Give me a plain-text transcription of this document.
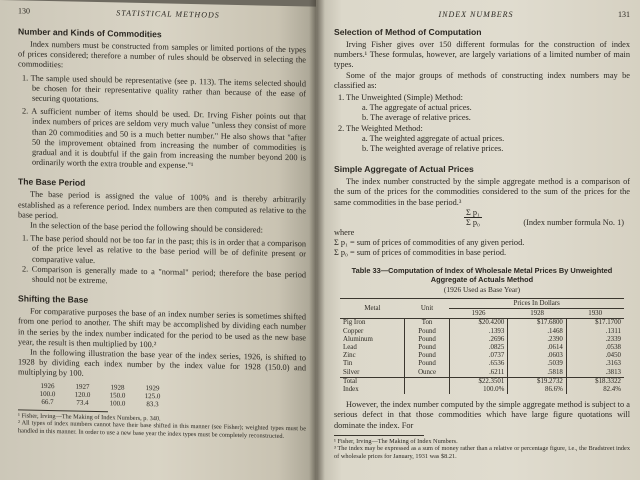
130	STATISTICAL METHODS
Number and Kinds of Commodities

Index numbers must be constructed from samples or limited portions of the types of prices considered; therefore a number of rules should be observed in selecting the commodities:

1. The sample used should be representative (see p. 113). The items selected should be chosen for their representative quality rather than because of the ease of securing quotations.

2. A sufficient number of items should be used. Dr. Irving Fisher points out that index numbers of prices are seldom very much value "unless they consist of more than 20 commodities and 50 is a much better number." He also shows that "after 50 the improvement obtained from increasing the number of commodities is gradual and it is doubtful if the gain from increasing the number beyond 200 is ordinarily worth the extra trouble and expense."¹

The Base Period

The base period is assigned the value of 100% and is thereby arbitrarily established as a reference period. Index numbers are then computed as relative to the base period.

In the selection of the base period the following should be considered:

1. The base period should not be too far in the past; this is in order that a comparison of the price level as relative to the base period will be of definite present or comparative value.

2. Comparison is generally made to a "normal" period; therefore the base period should not be extreme.

Shifting the Base

For comparative purposes the base of an index number series is sometimes shifted from one period to another. The shift may be accomplished by dividing each number in the series by the index number indicated for the period to be used as the new base year, the result is then multiplied by 100.²

In the following illustration the base year of the index series, 1926, is shifted to 1928 by dividing each index number by the index value for 1928 (150.0) and multiplying by 100.

1926	1927	1928	1929
100.0	120.0	150.0	125.0
66.7	73.4	100.0	83.3

¹ Fisher, Irving—The Making of Index Numbers, p. 340.

² All types of index numbers cannot have their base shifted in this manner (see Fisher); weighted types must be handled in this manner. In order to use a new base year the index types must be completely reconstructed.

INDEX NUMBERS	131
Selection of Method of Computation

Irving Fisher gives over 150 different formulas for the construction of index numbers.¹ These formulas, however, are largely variations of a limited number of main types.

Some of the major groups of methods of constructing index numbers may be classified as:

1. The Unweighted (Simple) Method:

a. The aggregate of actual prices.

b. The average of relative prices.

2. The Weighted Method:

a. The weighted aggregate of actual prices.

b. The weighted average of relative prices.

Simple Aggregate of Actual Prices

The index number constructed by the simple aggregate method is a comparison of the sum of the prices for the commodities considered to the sum of the prices for the same commodities in the base period.³

$\frac{\text{Σ p₁}}{\text{Σ p₀}}$	(Index number formula No. 1)

where

Σ p₁ = sum of prices of commodities of any given period.

Σ p₀ = sum of prices of commodities in base period.

Table 33—Computation of Index of Wholesale Metal Prices By Unweighted Aggregate of Actuals Method
(1926 Used as Base Year)
Metal	Unit	Prices In Dollars		
		1926	1928	1930
Pig Iron	Ton	$20.4200	$17.6800	$17.1700
Copper	Pound	.1393	.1468	.1311
Aluminum	Pound	.2696	.2390	.2339
Lead	Pound	.0825	.0614	.0538
Zinc	Pound	.0737	.0603	.0450
Tin	Pound	.6536	.5039	.3163
Silver	Ounce	.6211	.5818	.3813
Total		$22.3501	$19.2732	$18.3322
Index		100.0%	86.6%	82.4%

However, the index number computed by the simple aggregate method is subject to a serious defect in that those commodities which have large figure quotations will dominate the index. For

¹ Fisher, Irving—The Making of Index Numbers.

³ The index may be expressed as a sum of money rather than a relative or percentage figure, i.e., the Bradstreet index of wholesale prices for January, 1931 was $8.21.
